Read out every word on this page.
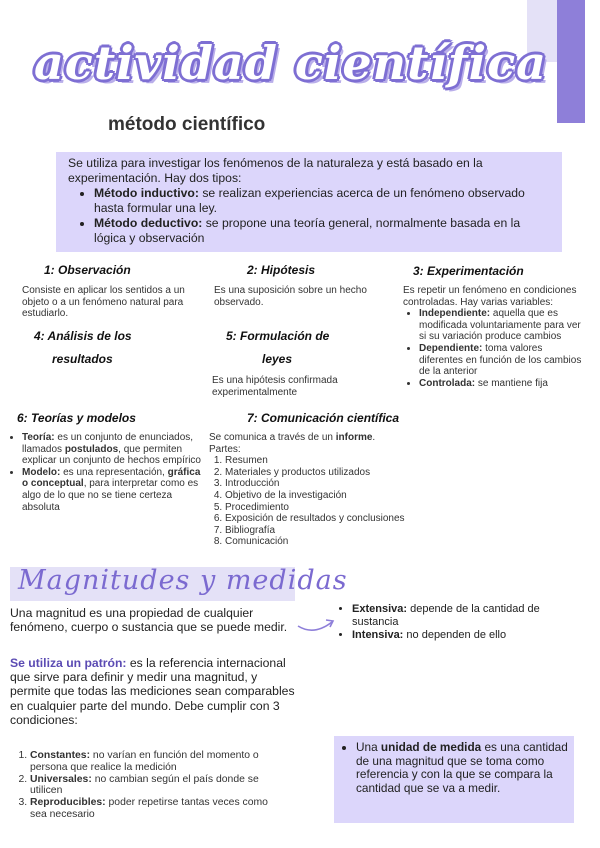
actividad científica
método científico
Se utiliza para investigar los fenómenos de la naturaleza y está basado en la experimentación. Hay dos tipos:
• Método inductivo: se realizan experiencias acerca de un fenómeno observado hasta formular una ley.
• Método deductivo: se propone una teoría general, normalmente basada en la lógica y observación
1: Observación
Consiste en aplicar los sentidos a un objeto o a un fenómeno natural para estudiarlo.
2: Hipótesis
Es una suposición sobre un hecho observado.
3: Experimentación
Es repetir un fenómeno en condiciones controladas. Hay varias variables:
• Independiente: aquella que es modificada voluntariamente para ver si su variación produce cambios
• Dependiente: toma valores diferentes en función de los cambios de la anterior
• Controlada: se mantiene fija
4: Análisis de los
resultados
5: Formulación de
leyes
Es una hipótesis confirmada experimentalmente
6: Teorías y modelos
• Teoría: es un conjunto de enunciados, llamados postulados, que permiten explicar un conjunto de hechos empírico
• Modelo: es una representación, gráfica o conceptual, para interpretar como es algo de lo que no se tiene certeza absoluta
7: Comunicación científica
Se comunica a través de un informe.
Partes:
1. Resumen
2. Materiales y productos utilizados
3. Introducción
4. Objetivo de la investigación
5. Procedimiento
6. Exposición de resultados y conclusiones
7. Bibliografía
8. Comunicación
Magnitudes y medidas
Una magnitud es una propiedad de cualquier fenómeno, cuerpo o sustancia que se puede medir.
• Extensiva: depende de la cantidad de sustancia
• Intensiva: no dependen de ello
Se utiliza un patrón: es la referencia internacional que sirve para definir y medir una magnitud, y permite que todas las mediciones sean comparables en cualquier parte del mundo. Debe cumplir con 3 condiciones:
1. Constantes: no varían en función del momento o persona que realice la medición
2. Universales: no cambian según el país donde se utilicen
3. Reproducibles: poder repetirse tantas veces como sea necesario
• Una unidad de medida es una cantidad de una magnitud que se toma como referencia y con la que se compara la cantidad que se va a medir.
